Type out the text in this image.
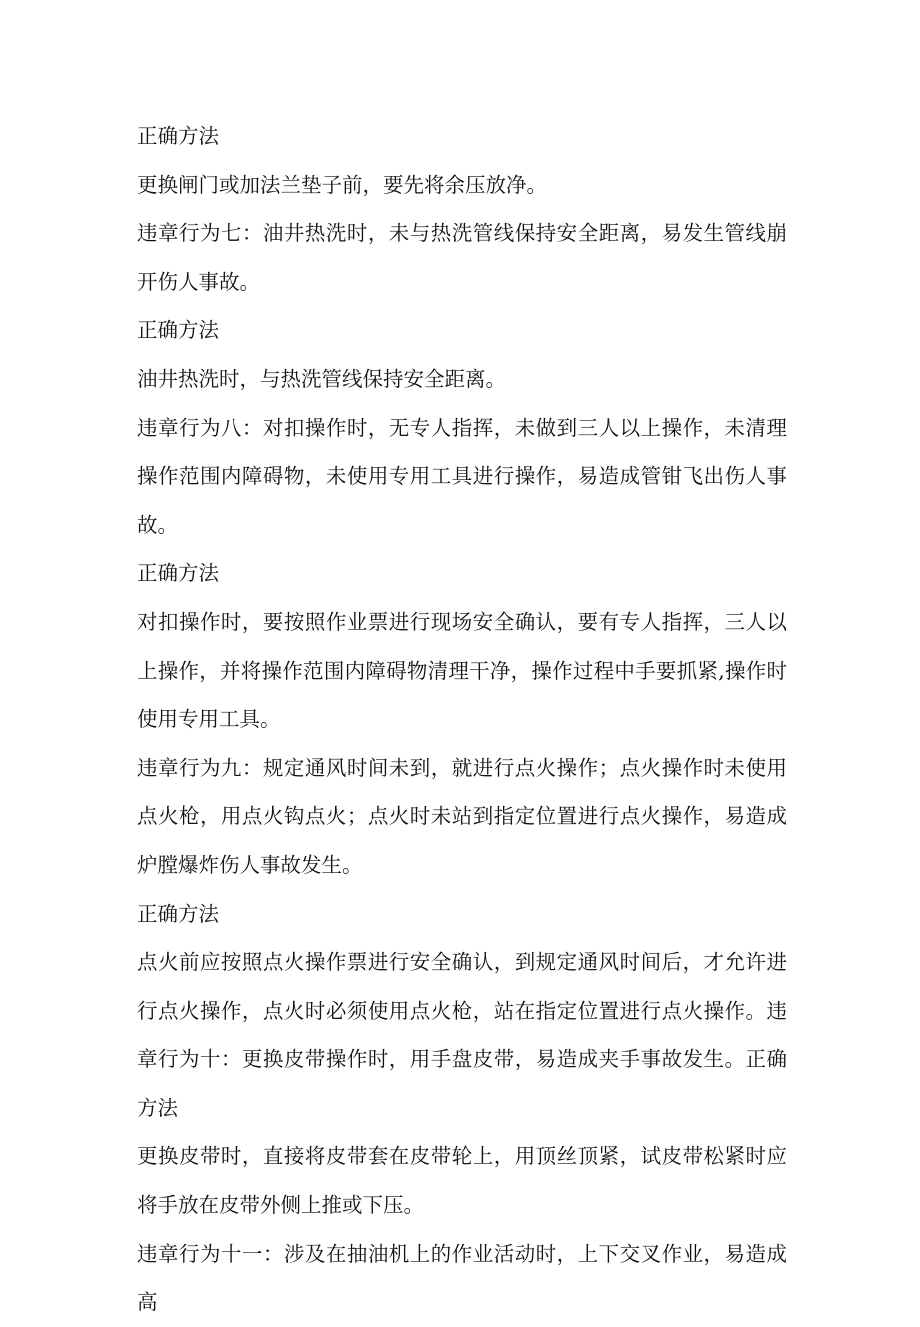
正确方法

更换闸门或加法兰垫子前，要先将余压放净。

违章行为七：油井热洗时，未与热洗管线保持安全距离，易发生管线崩开伤人事故。

正确方法

油井热洗时，与热洗管线保持安全距离。

违章行为八：对扣操作时，无专人指挥，未做到三人以上操作，未清理操作范围内障碍物，未使用专用工具进行操作，易造成管钳飞出伤人事故。

正确方法

对扣操作时，要按照作业票进行现场安全确认，要有专人指挥，三人以上操作，并将操作范围内障碍物清理干净，操作过程中手要抓紧,操作时使用专用工具。

违章行为九：规定通风时间未到，就进行点火操作；点火操作时未使用点火枪，用点火钩点火；点火时未站到指定位置进行点火操作，易造成炉膛爆炸伤人事故发生。

正确方法

点火前应按照点火操作票进行安全确认，到规定通风时间后，才允许进行点火操作，点火时必须使用点火枪，站在指定位置进行点火操作。违章行为十：更换皮带操作时，用手盘皮带，易造成夹手事故发生。正确方法

更换皮带时，直接将皮带套在皮带轮上，用顶丝顶紧，试皮带松紧时应将手放在皮带外侧上推或下压。

违章行为十一：涉及在抽油机上的作业活动时，上下交叉作业，易造成高
